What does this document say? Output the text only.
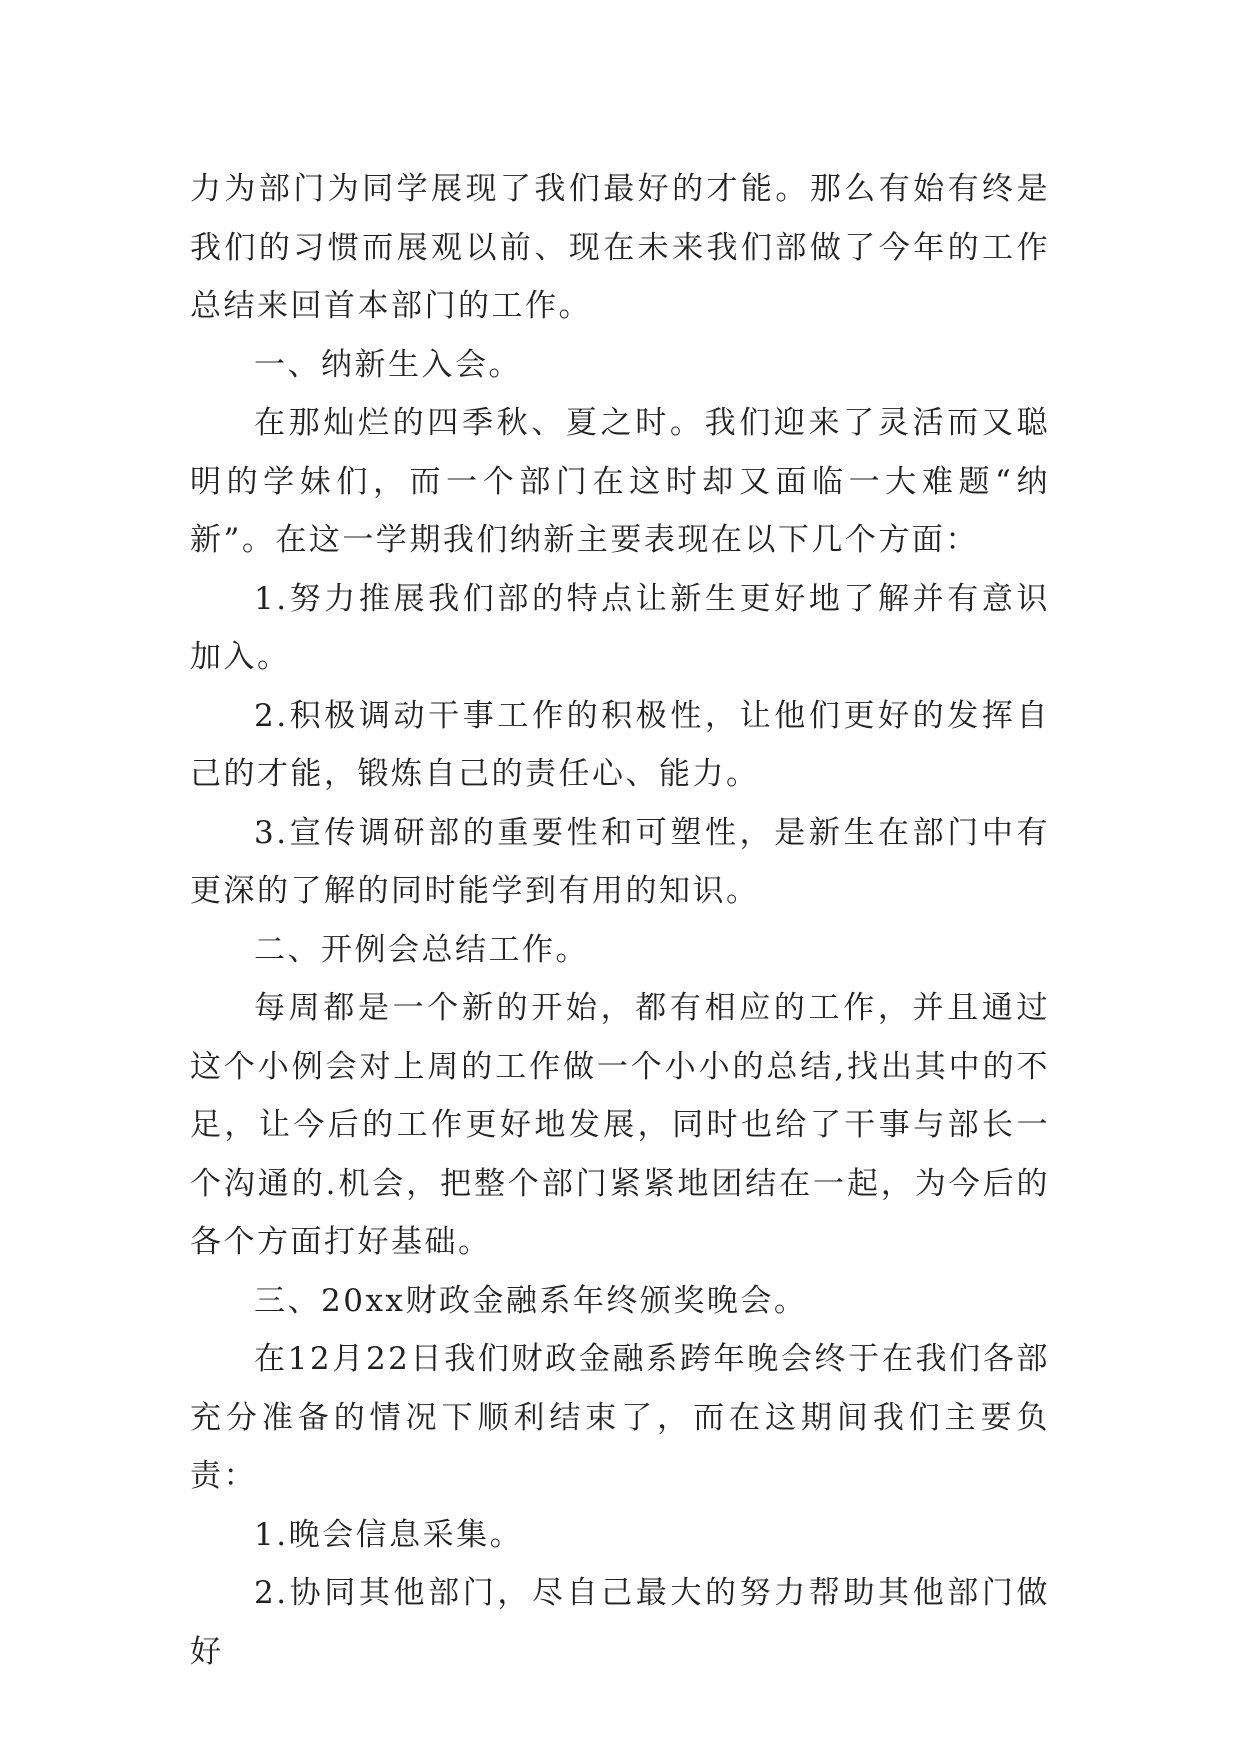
力为部门为同学展现了我们最好的才能。那么有始有终是我们的习惯而展观以前、现在未来我们部做了今年的工作总结来回首本部门的工作。

一、纳新生入会。

在那灿烂的四季秋、夏之时。我们迎来了灵活而又聪明的学妹们，而一个部门在这时却又面临一大难题“纳新”。在这一学期我们纳新主要表现在以下几个方面：

1.努力推展我们部的特点让新生更好地了解并有意识加入。

2.积极调动干事工作的积极性，让他们更好的发挥自己的才能，锻炼自己的责任心、能力。

3.宣传调研部的重要性和可塑性，是新生在部门中有更深的了解的同时能学到有用的知识。

二、开例会总结工作。

每周都是一个新的开始，都有相应的工作，并且通过这个小例会对上周的工作做一个小小的总结,找出其中的不足，让今后的工作更好地发展，同时也给了干事与部长一个沟通的.机会，把整个部门紧紧地团结在一起，为今后的各个方面打好基础。

三、20xx财政金融系年终颁奖晚会。

在12月22日我们财政金融系跨年晚会终于在我们各部充分准备的情况下顺利结束了，而在这期间我们主要负责：

1.晚会信息采集。

2.协同其他部门，尽自己最大的努力帮助其他部门做好
